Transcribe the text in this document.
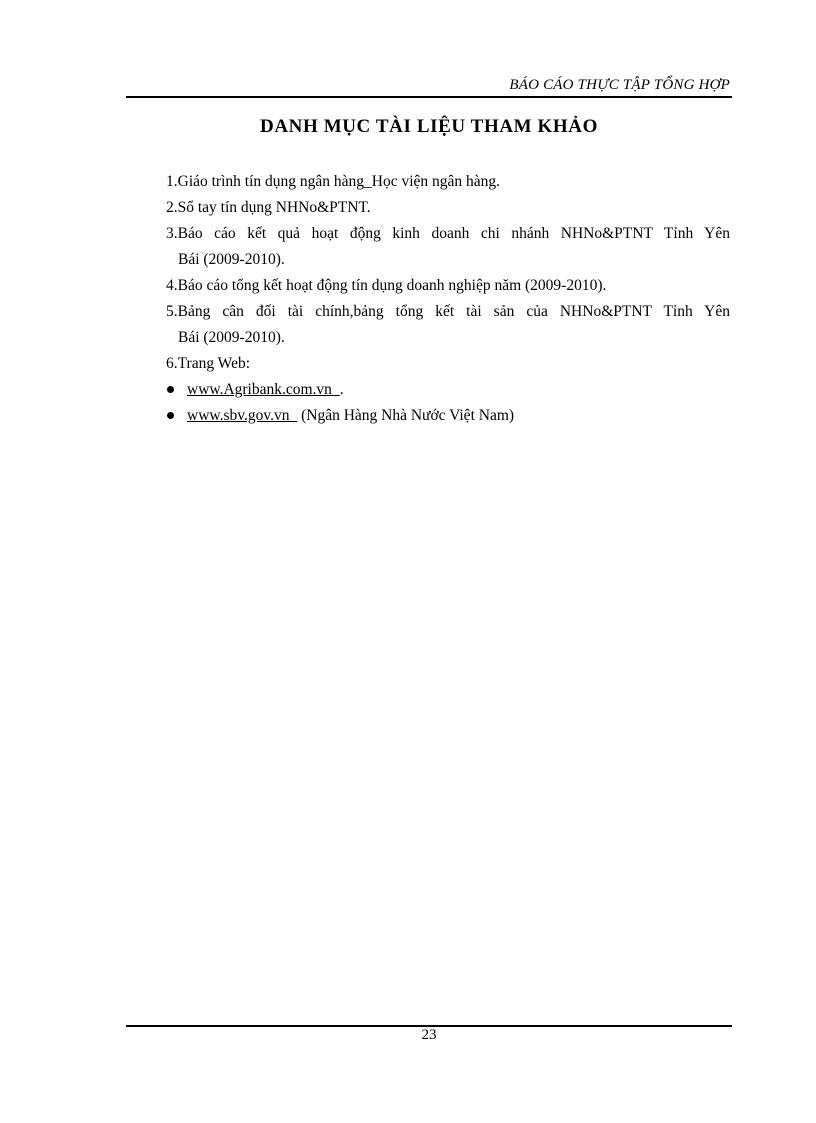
BÁO CÁO THỰC TẬP TỔNG HỢP
DANH MỤC TÀI LIỆU THAM KHẢO
1.Giáo trình tín dụng ngân hàng_Học viện ngân hàng.
2.Sổ tay tín dụng NHNo&PTNT.
3.Báo cáo kết quả hoạt động kinh doanh chi nhánh NHNo&PTNT Tỉnh Yên
Bái (2009-2010).
4.Báo cáo tổng kết hoạt động tín dụng doanh nghiệp năm (2009-2010).
5.Bảng cân đối tài chính,bảng tổng kết tài sản của NHNo&PTNT Tỉnh Yên
Bái (2009-2010).
6.Trang Web:
www.Agribank.com.vn  .
www.sbv.gov.vn   (Ngân Hàng Nhà Nước Việt Nam)
23
